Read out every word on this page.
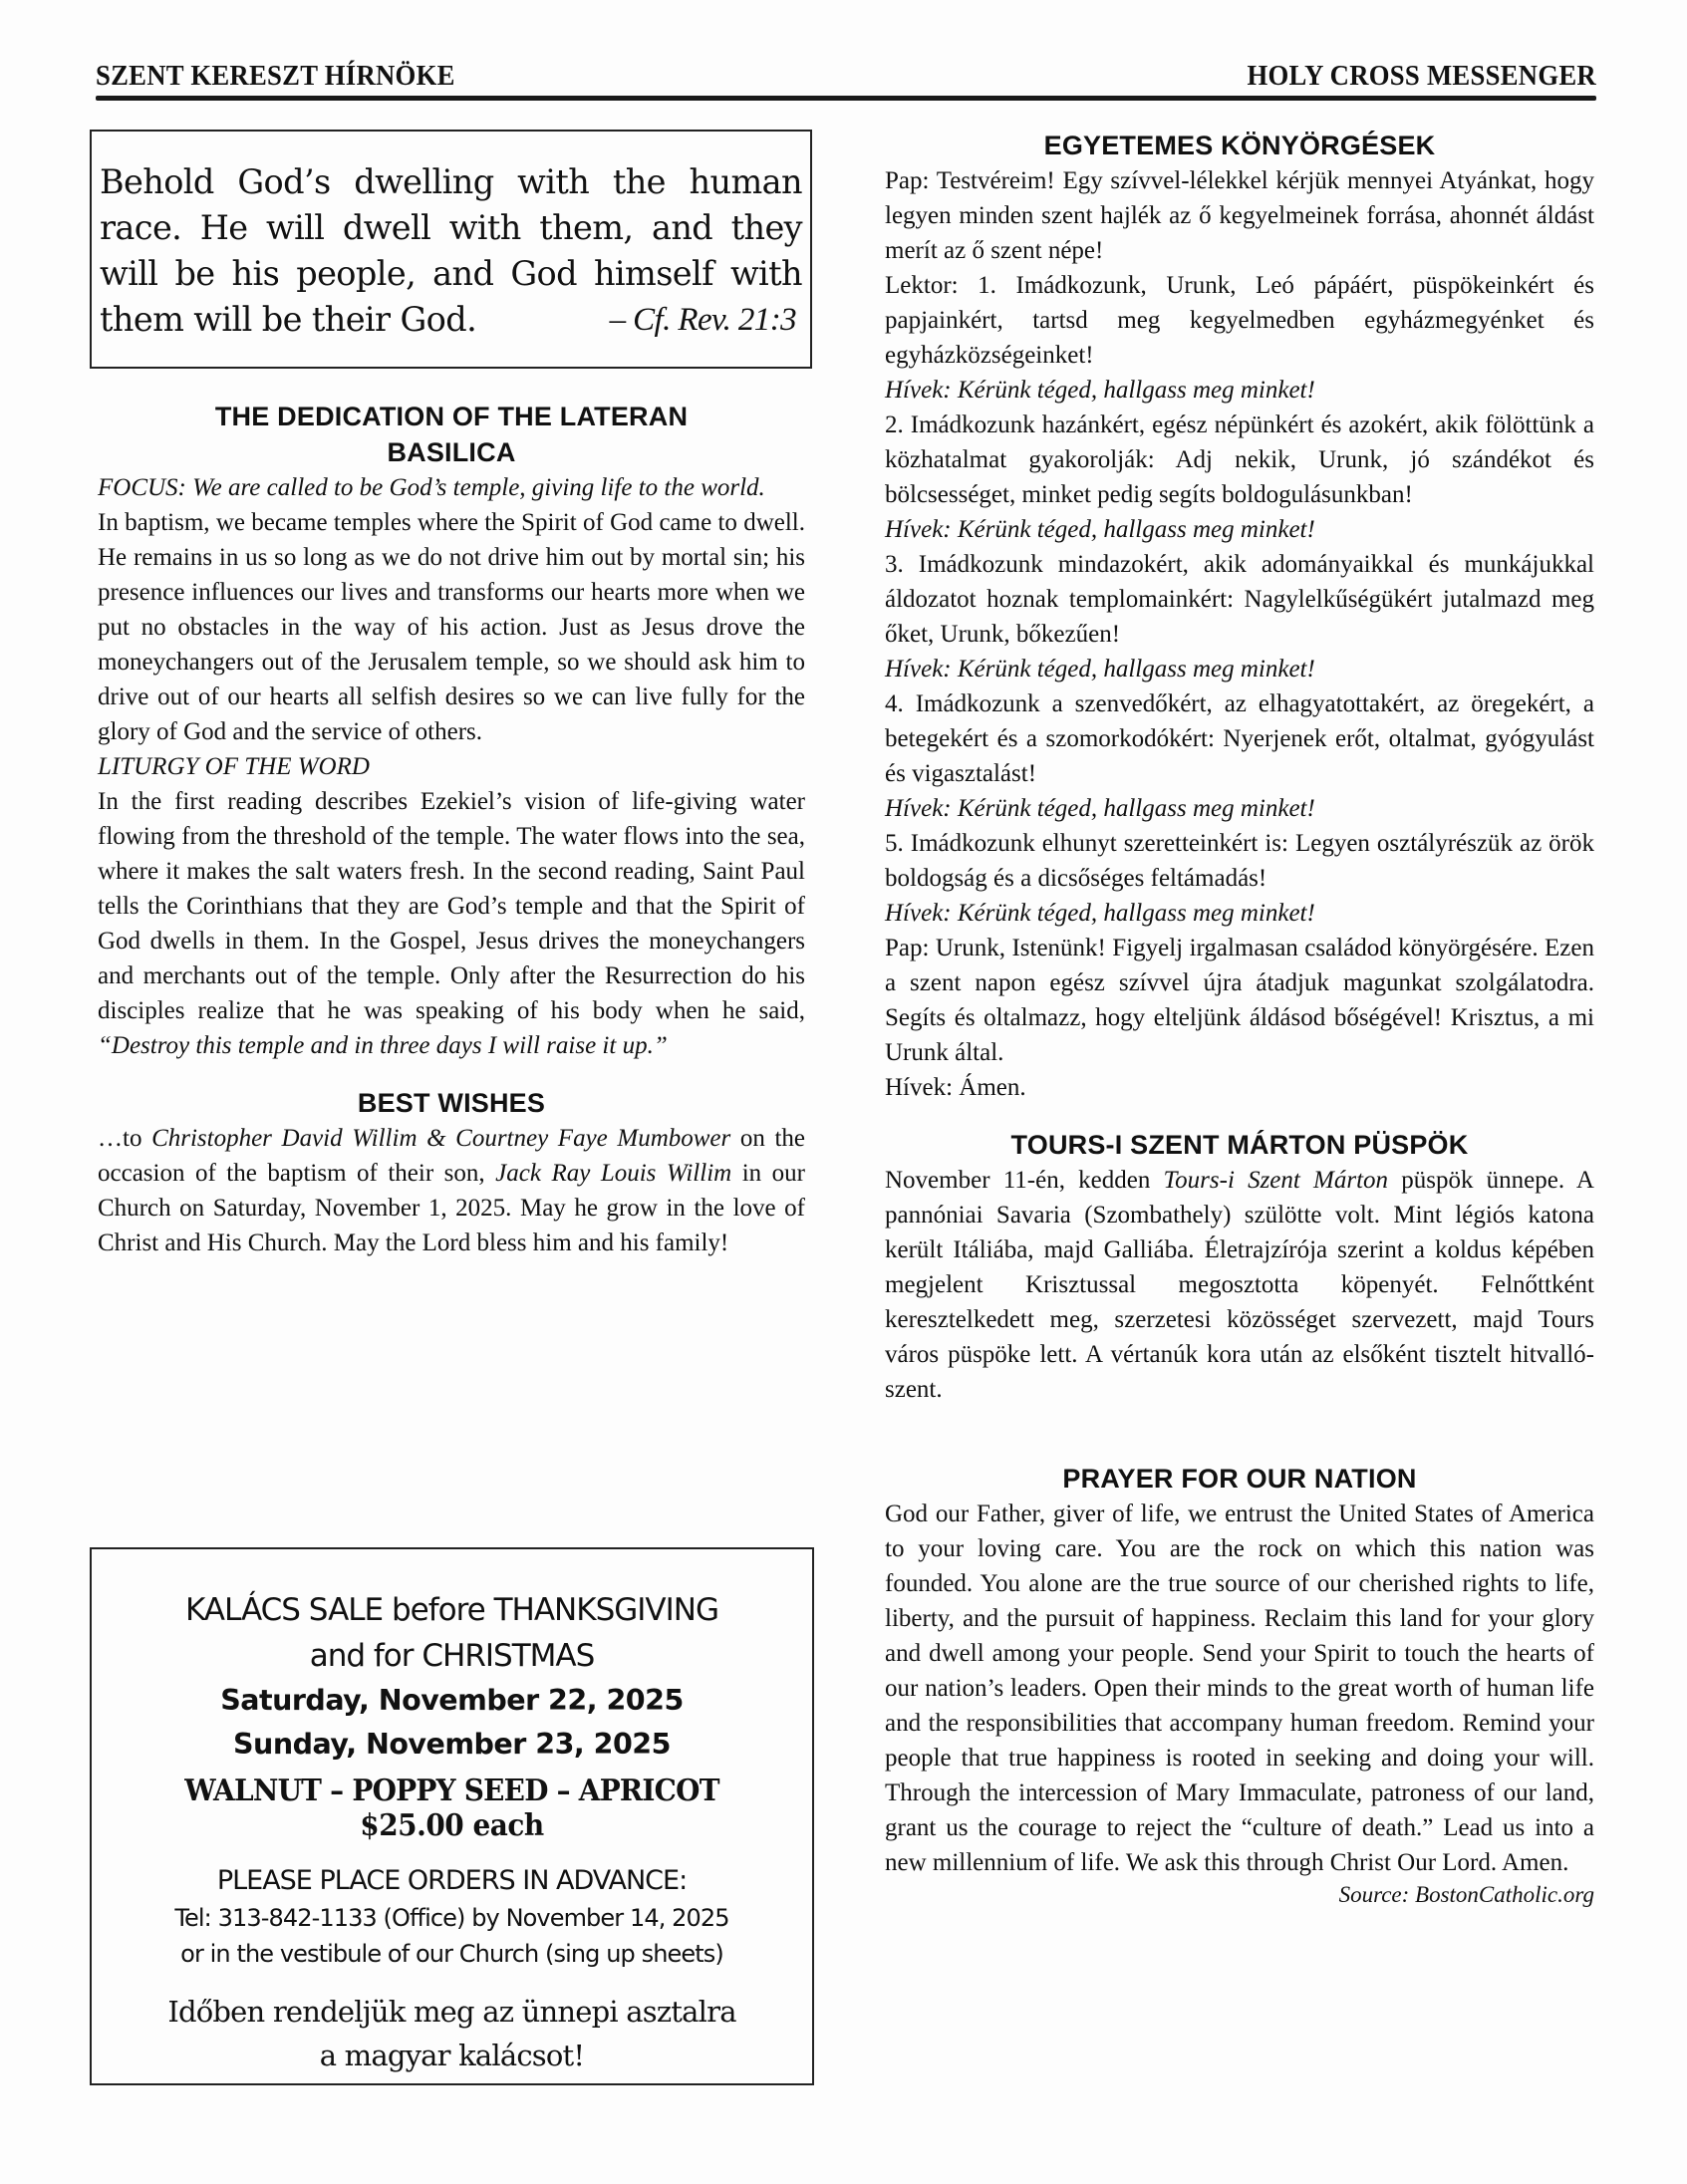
SZENT KERESZT HÍRNÖKE	HOLY CROSS MESSENGER

Behold God’s dwelling with the human race. He will dwell with them, and they will be his people, and God himself with them will be their God.	– Cf. Rev. 21:3

THE DEDICATION OF THE LATERAN
BASILICA

FOCUS: We are called to be God’s temple, giving life to the world.

In baptism, we became temples where the Spirit of God came to dwell. He remains in us so long as we do not drive him out by mortal sin; his presence influences our lives and transforms our hearts more when we put no obstacles in the way of his action. Just as Jesus drove the moneychangers out of the Jerusalem temple, so we should ask him to drive out of our hearts all selfish desires so we can live fully for the glory of God and the service of others.

LITURGY OF THE WORD

In the first reading describes Ezekiel’s vision of life-giving water flowing from the threshold of the temple. The water flows into the sea, where it makes the salt waters fresh. In the second reading, Saint Paul tells the Corinthians that they are God’s temple and that the Spirit of God dwells in them. In the Gospel, Jesus drives the moneychangers and merchants out of the temple. Only after the Resurrection do his disciples realize that he was speaking of his body when he said, “Destroy this temple and in three days I will raise it up.”

BEST WISHES

…to Christopher David Willim & Courtney Faye Mumbower on the occasion of the baptism of their son, Jack Ray Louis Willim in our Church on Saturday, November 1, 2025. May he grow in the love of Christ and His Church. May the Lord bless him and his family!

KALÁCS SALE before THANKSGIVING

and for CHRISTMAS

Saturday, November 22, 2025

Sunday, November 23, 2025

WALNUT – POPPY SEED – APRICOT

$25.00 each

PLEASE PLACE ORDERS IN ADVANCE:

Tel: 313-842-1133 (Office) by November 14, 2025

or in the vestibule of our Church (sing up sheets)

Időben rendeljük meg az ünnepi asztalra

a magyar kalácsot!

EGYETEMES KÖNYÖRGÉSEK

Pap: Testvéreim! Egy szívvel-lélekkel kérjük mennyei Atyánkat, hogy legyen minden szent hajlék az ő kegyelmeinek forrása, ahonnét áldást merít az ő szent népe!

Lektor: 1. Imádkozunk, Urunk, Leó pápáért, püspökeinkért és papjainkért, tartsd meg kegyelmedben egyházmegyénket és egyházközségeinket!

Hívek: Kérünk téged, hallgass meg minket!

2. Imádkozunk hazánkért, egész népünkért és azokért, akik fölöttünk a közhatalmat gyakorolják: Adj nekik, Urunk, jó szándékot és bölcsességet, minket pedig segíts boldogulásunkban!

Hívek: Kérünk téged, hallgass meg minket!

3. Imádkozunk mindazokért, akik adományaikkal és munkájukkal áldozatot hoznak templomainkért: Nagylelkűségükért jutalmazd meg őket, Urunk, bőkezűen!

Hívek: Kérünk téged, hallgass meg minket!

4. Imádkozunk a szenvedőkért, az elhagyatottakért, az öregekért, a betegekért és a szomorkodókért: Nyerjenek erőt, oltalmat, gyógyulást és vigasztalást!

Hívek: Kérünk téged, hallgass meg minket!

5. Imádkozunk elhunyt szeretteinkért is: Legyen osztályrészük az örök boldogság és a dicsőséges feltámadás!

Hívek: Kérünk téged, hallgass meg minket!

Pap: Urunk, Istenünk! Figyelj irgalmasan családod könyörgésére. Ezen a szent napon egész szívvel újra átadjuk magunkat szolgálatodra. Segíts és oltalmazz, hogy elteljünk áldásod bőségével! Krisztus, a mi Urunk által.

Hívek: Ámen.

TOURS-I SZENT MÁRTON PÜSPÖK

November 11-én, kedden Tours-i Szent Márton püspök ünnepe. A pannóniai Savaria (Szombathely) szülötte volt. Mint légiós katona került Itáliába, majd Galliába. Életrajzírója szerint a koldus képében megjelent Krisztussal megosztotta köpenyét. Felnőttként keresztelkedett meg, szerzetesi közösséget szervezett, majd Tours város püspöke lett. A vértanúk kora után az elsőként tisztelt hitvalló-szent.

PRAYER FOR OUR NATION

God our Father, giver of life, we entrust the United States of America to your loving care. You are the rock on which this nation was founded. You alone are the true source of our cherished rights to life, liberty, and the pursuit of happiness. Reclaim this land for your glory and dwell among your people. Send your Spirit to touch the hearts of our nation’s leaders. Open their minds to the great worth of human life and the responsibilities that accompany human freedom. Remind your people that true happiness is rooted in seeking and doing your will. Through the intercession of Mary Immaculate, patroness of our land, grant us the courage to reject the “culture of death.” Lead us into a new millennium of life. We ask this through Christ Our Lord. Amen.

Source: BostonCatholic.org
